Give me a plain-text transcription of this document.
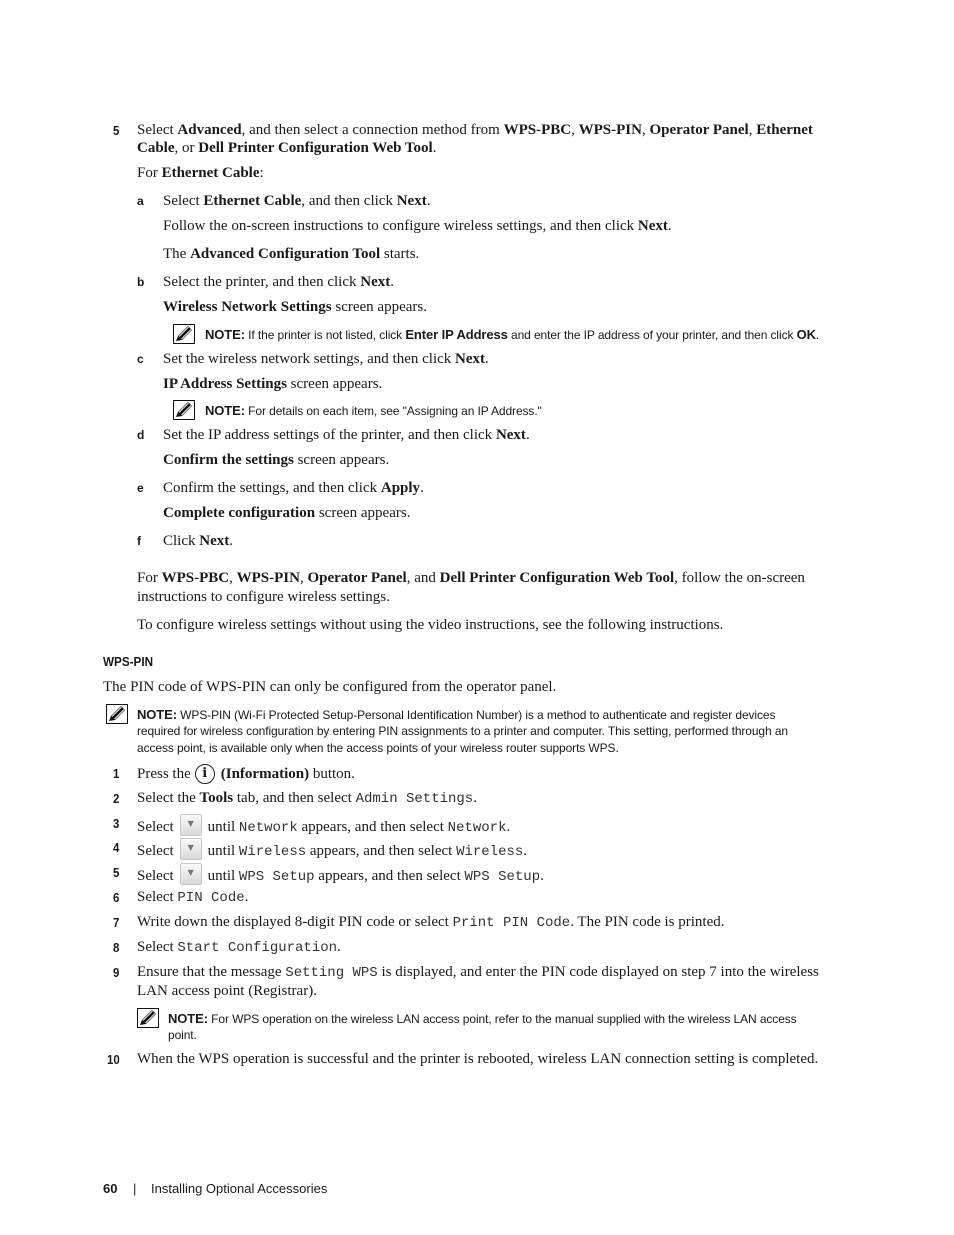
5 Select Advanced, and then select a connection method from WPS-PBC, WPS-PIN, Operator Panel, Ethernet
Cable, or Dell Printer Configuration Web Tool.
For Ethernet Cable:
a Select Ethernet Cable, and then click Next.
Follow the on-screen instructions to configure wireless settings, and then click Next.
The Advanced Configuration Tool starts.
b Select the printer, and then click Next.
Wireless Network Settings screen appears.
NOTE: If the printer is not listed, click Enter IP Address and enter the IP address of your printer, and then click OK.
c Set the wireless network settings, and then click Next.
IP Address Settings screen appears.
NOTE: For details on each item, see "Assigning an IP Address."
d Set the IP address settings of the printer, and then click Next.
Confirm the settings screen appears.
e Confirm the settings, and then click Apply.
Complete configuration screen appears.
f Click Next.
For WPS-PBC, WPS-PIN, Operator Panel, and Dell Printer Configuration Web Tool, follow the on-screen
instructions to configure wireless settings.
To configure wireless settings without using the video instructions, see the following instructions.
WPS-PIN
The PIN code of WPS-PIN can only be configured from the operator panel.
NOTE: WPS-PIN (Wi-Fi Protected Setup-Personal Identification Number) is a method to authenticate and register devices
required for wireless configuration by entering PIN assignments to a printer and computer. This setting, performed through an
access point, is available only when the access points of your wireless router supports WPS.
1 Press the i (Information) button.
2 Select the Tools tab, and then select Admin Settings.
3 Select	▼ until Network appears, and then select Network.
4 Select	▼ until Wireless appears, and then select Wireless.
5 Select	▼ until WPS Setup appears, and then select WPS Setup.
6 Select PIN Code.
7 Write down the displayed 8-digit PIN code or select Print PIN Code. The PIN code is printed.
8 Select Start Configuration.
9 Ensure that the message Setting WPS is displayed, and enter the PIN code displayed on step 7 into the wireless
LAN access point (Registrar).
NOTE: For WPS operation on the wireless LAN access point, refer to the manual supplied with the wireless LAN access
point.
10 When the WPS operation is successful and the printer is rebooted, wireless LAN connection setting is completed.
60 | Installing Optional Accessories
